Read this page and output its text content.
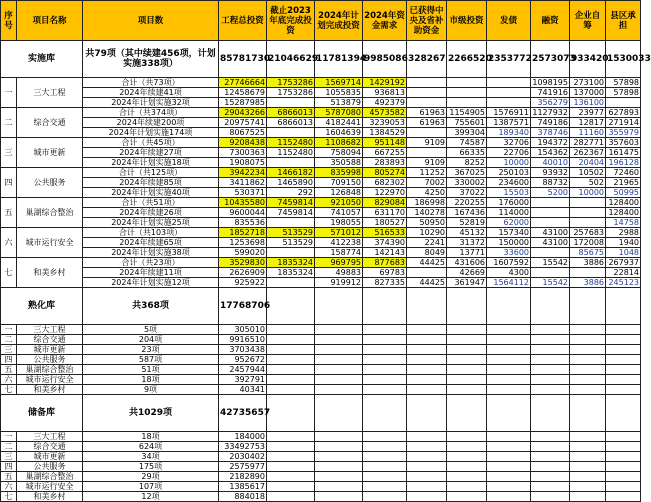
序号	项目名称	项目数	工程总投资	截止2023年底完成投资	2024年计划完成投资	2024年资金需求	已获得中央及省补助资金	市级投资	发债	融资	企业自筹	县区承担
实施库		共79项（其中续建456项，计划实施338项）	85781730	21046629	11781394	9985086	328267	2266520	2353772	2573073	933420	1530033
一	三大工程	合计（共73项）	27746664	1753286	1569714	1429192				1098195	273100	57898
		2024年续建41项	12458679	1753286	1055835	936813				741916	137000	57898
		2024年计划实施32项	15287985		513879	492379				356279	136100	
二	综合交通	合计（共374项）	29043266	6866013	5787080	4573582	61963	1154905	1576911	1127932	23977	627893
		2024年续建200项	20975741	6866013	4182441	3239053	61963	755601	1387571	749186	12817	271914
		2024年计划实施174项	8067525		1604639	1384529		399304	189340	378746	11160	355979
三	城市更新	合计（共45项）	9208438	1152480	1108682	951148	9109	74587	32706	194372	282771	357603
		2024年续建27项	7300363	1152480	758094	667255		66335	22706	154362	262367	161475
		2024年计划实施18项	1908075		350588	283893	9109	8252	10000	40010	20404	196128
四	公共服务	合计（共125项）	3942234	1466182	835998	805274	11252	367025	250103	93932	10502	72460
		2024年续建85项	3411862	1465890	709150	682302	7002	330002	234600	88732	502	21965
		2024年计划实施40项	530371	292	126848	122970	4250	37022	15503	5200	10000	50995
五	巢湖综合整治	合计（共51项）	10435580	7459814	921050	829084	186998	220255	176000			128400
		2024年续建26项	9600044	7459814	741057	631170	140278	167436	114000			128400
		2024年计划实施25项	835536		198055	180527	50950	52819	62000			14758
六	城市运行安全	合计（共103项）	1852718	513529	571012	516533	10290	45132	157340	43100	257683	2988
		2024年续建65项	1253698	513529	412238	374390	2241	31372	150000	43100	172008	1940
		2024年计划实施38项	599020		158774	142143	8049	13771	33600		85675	1048
七	和美乡村	合计（共23项）	3529830	1835324	969795	877683	44425	431606	1607592	15542	3886	267937
		2024年续建11项	2626909	1835324	49883	69783		42669	4300			22814
		2024年计划实施12项	925922		919912	827335	44425	361947	1564112	15542	3886	245123
熟化库		共368项	17768706									
一	三大工程	5项	305010									
二	综合交通	204项	9916510									
三	城市更新	23项	3703438									
四	公共服务	587项	952672									
五	巢湖综合整治	51项	2457944									
六	城市运行安全	18项	392791									
七	和美乡村	9项	40341									
储备库		共1029项	42735657									
一	三大工程	18项	184000									
二	综合交通	624项	33492753									
三	城市更新	34项	2030402									
四	公共服务	175项	2575977									
五	巢湖综合整治	29项	2182890									
六	城市运行安全	107项	1385617									
七	和美乡村	12项	884018									
